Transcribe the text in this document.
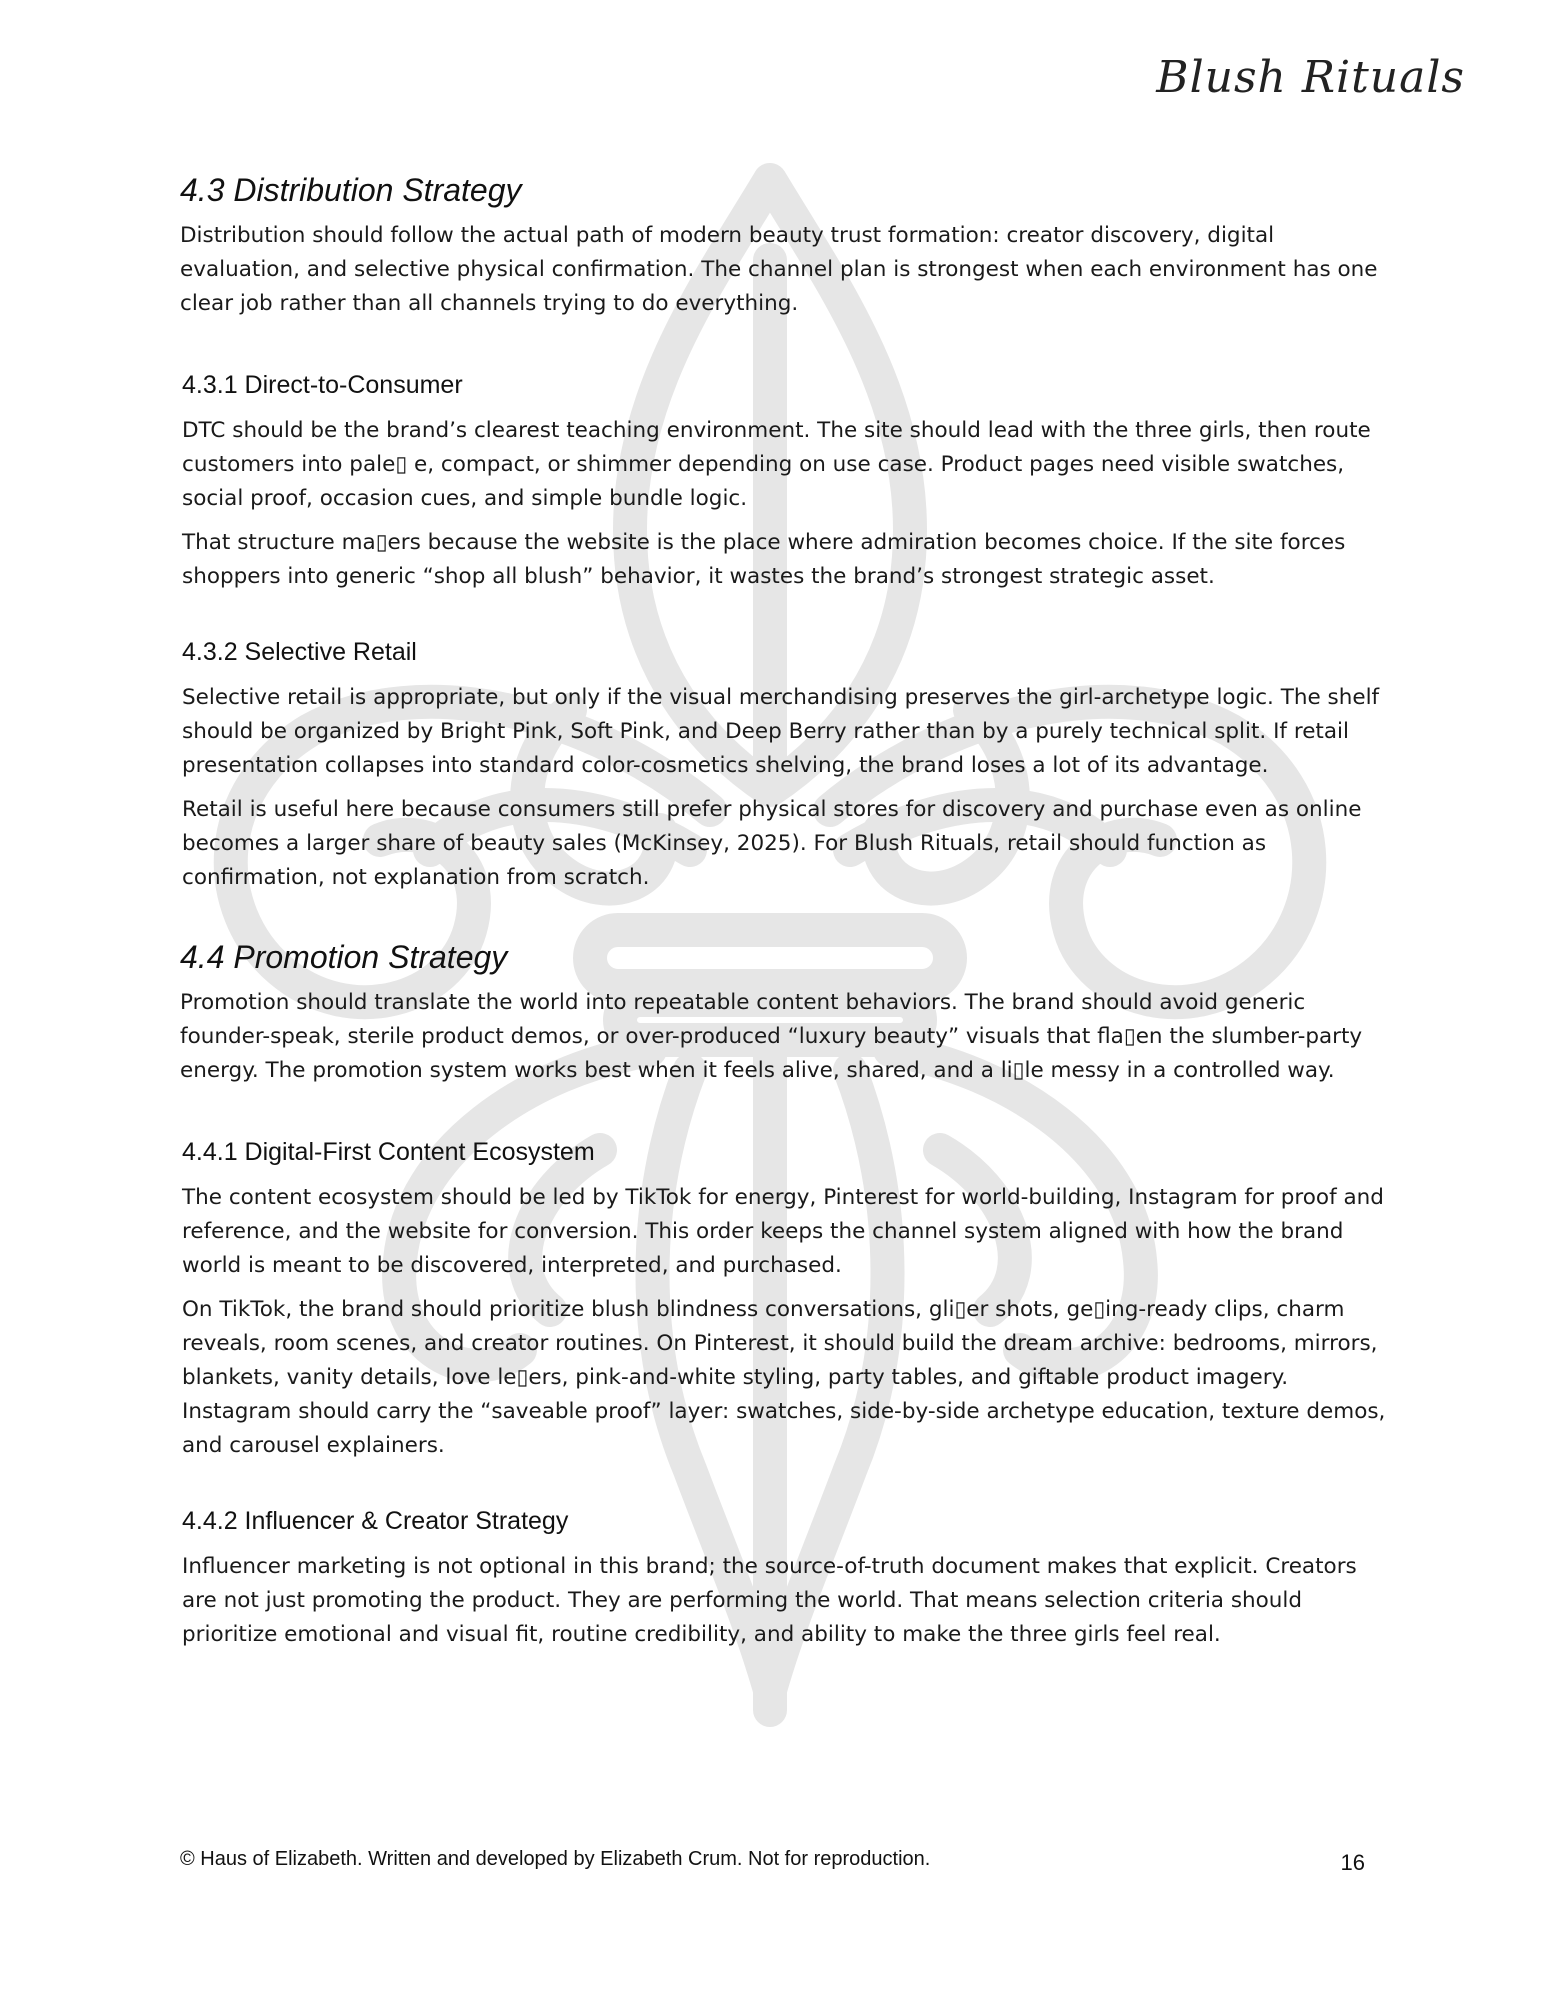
Blush Rituals
4.3 Distribution Strategy

Distribution should follow the actual path of modern beauty trust formation: creator discovery, digital evaluation, and selective physical confirmation. The channel plan is strongest when each environment has one clear job rather than all channels trying to do everything.

4.3.1 Direct-to-Consumer

DTC should be the brand’s clearest teaching environment. The site should lead with the three girls, then route customers into pale▯ e, compact, or shimmer depending on use case. Product pages need visible swatches, social proof, occasion cues, and simple bundle logic.

That structure ma▯ers because the website is the place where admiration becomes choice. If the site forces shoppers into generic “shop all blush” behavior, it wastes the brand’s strongest strategic asset.

4.3.2 Selective Retail

Selective retail is appropriate, but only if the visual merchandising preserves the girl-archetype logic. The shelf should be organized by Bright Pink, Soft Pink, and Deep Berry rather than by a purely technical split. If retail presentation collapses into standard color-cosmetics shelving, the brand loses a lot of its advantage.

Retail is useful here because consumers still prefer physical stores for discovery and purchase even as online becomes a larger share of beauty sales (McKinsey, 2025). For Blush Rituals, retail should function as confirmation, not explanation from scratch.

4.4 Promotion Strategy

Promotion should translate the world into repeatable content behaviors. The brand should avoid generic founder-speak, sterile product demos, or over-produced “luxury beauty” visuals that fla▯en the slumber-party energy. The promotion system works best when it feels alive, shared, and a li▯le messy in a controlled way.

4.4.1 Digital-First Content Ecosystem

The content ecosystem should be led by TikTok for energy, Pinterest for world-building, Instagram for proof and reference, and the website for conversion. This order keeps the channel system aligned with how the brand world is meant to be discovered, interpreted, and purchased.

On TikTok, the brand should prioritize blush blindness conversations, gli▯er shots, ge▯ing-ready clips, charm reveals, room scenes, and creator routines. On Pinterest, it should build the dream archive: bedrooms, mirrors, blankets, vanity details, love le▯ers, pink-and-white styling, party tables, and giftable product imagery. Instagram should carry the “saveable proof” layer: swatches, side-by-side archetype education, texture demos, and carousel explainers.

4.4.2 Influencer & Creator Strategy

Influencer marketing is not optional in this brand; the source-of-truth document makes that explicit. Creators are not just promoting the product. They are performing the world. That means selection criteria should prioritize emotional and visual fit, routine credibility, and ability to make the three girls feel real.

© Haus of Elizabeth. Written and developed by Elizabeth Crum. Not for reproduction.	16
